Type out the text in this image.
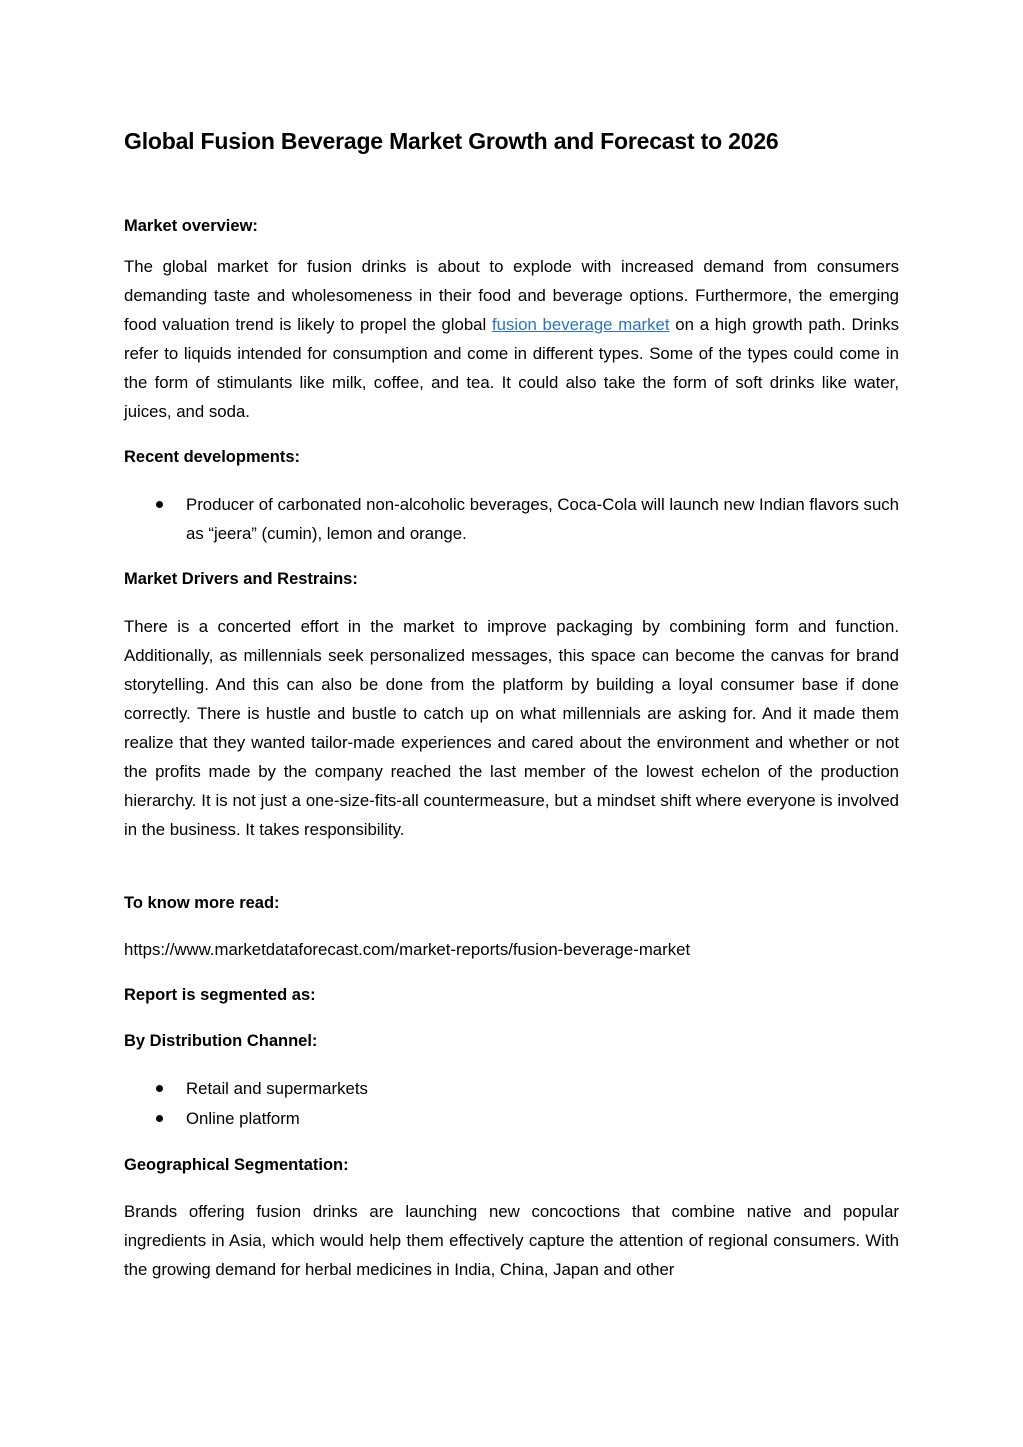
Global Fusion Beverage Market Growth and Forecast to 2026
Market overview:

The global market for fusion drinks is about to explode with increased demand from consumers demanding taste and wholesomeness in their food and beverage options. Furthermore, the emerging food valuation trend is likely to propel the global fusion beverage market on a high growth path. Drinks refer to liquids intended for consumption and come in different types. Some of the types could come in the form of stimulants like milk, coffee, and tea. It could also take the form of soft drinks like water, juices, and soda.

Recent developments:
Producer of carbonated non-alcoholic beverages, Coca-Cola will launch new Indian flavors such as “jeera” (cumin), lemon and orange.
Market Drivers and Restrains:

There is a concerted effort in the market to improve packaging by combining form and function. Additionally, as millennials seek personalized messages, this space can become the canvas for brand storytelling. And this can also be done from the platform by building a loyal consumer base if done correctly. There is hustle and bustle to catch up on what millennials are asking for. And it made them realize that they wanted tailor-made experiences and cared about the environment and whether or not the profits made by the company reached the last member of the lowest echelon of the production hierarchy. It is not just a one-size-fits-all countermeasure, but a mindset shift where everyone is involved in the business. It takes responsibility.

To know more read:

https://www.marketdataforecast.com/market-reports/fusion-beverage-market

Report is segmented as:
By Distribution Channel:
Retail and supermarkets
Online platform
Geographical Segmentation:

Brands offering fusion drinks are launching new concoctions that combine native and popular ingredients in Asia, which would help them effectively capture the attention of regional consumers. With the growing demand for herbal medicines in India, China, Japan and other
